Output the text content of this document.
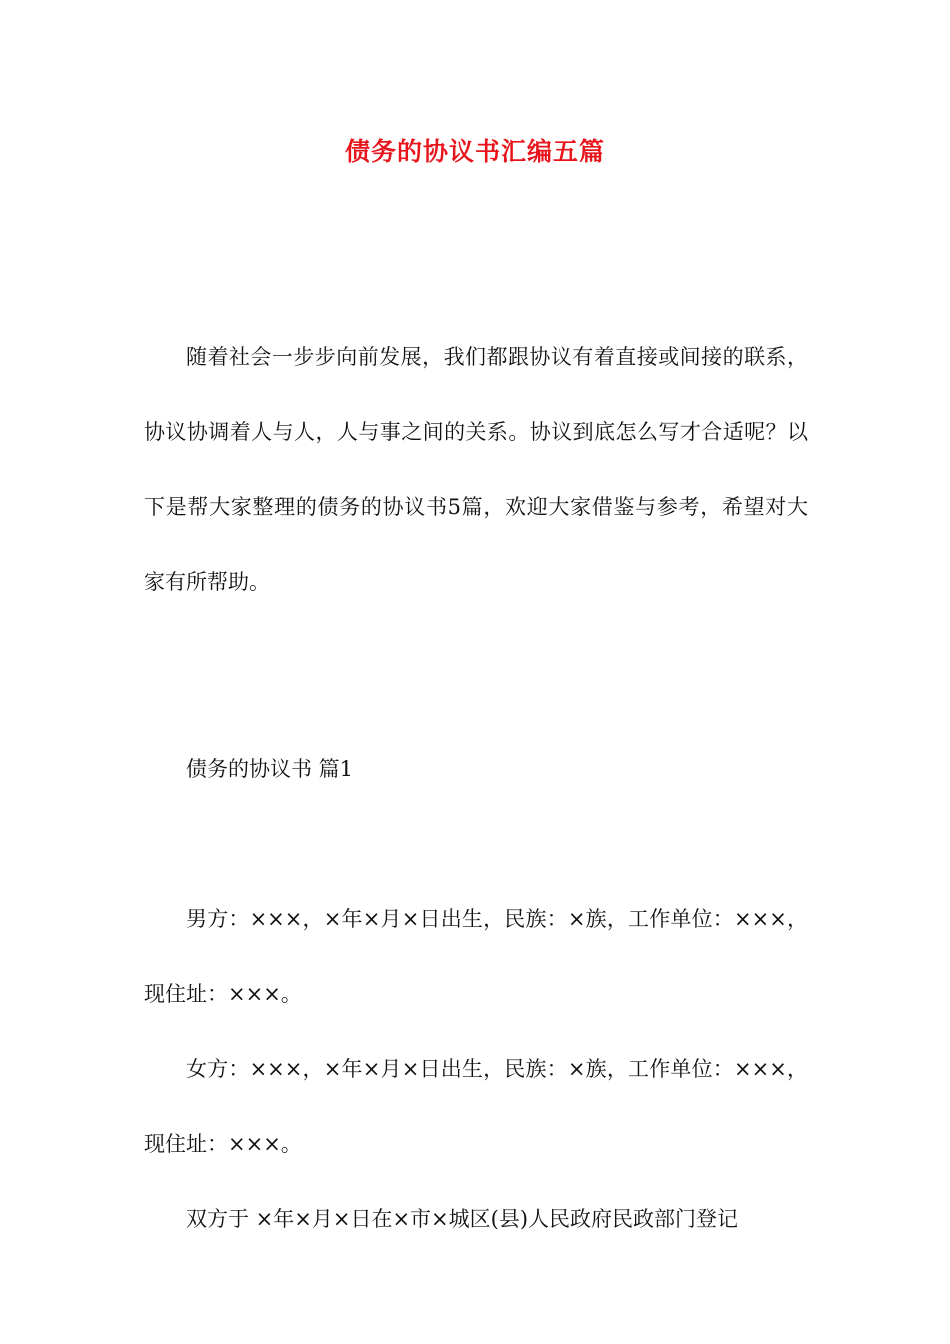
债务的协议书汇编五篇

随着社会一步步向前发展，我们都跟协议有着直接或间接的联系，协议协调着人与人，人与事之间的关系。协议到底怎么写才合适呢？以下是帮大家整理的债务的协议书5篇，欢迎大家借鉴与参考，希望对大家有所帮助。

债务的协议书 篇1

男方：×××，×年×月×日出生，民族：×族，工作单位：×××，现住址：×××。

女方：×××，×年×月×日出生，民族：×族，工作单位：×××，现住址：×××。

双方于 ×年×月×日在×市×城区(县)人民政府民政部门登记
